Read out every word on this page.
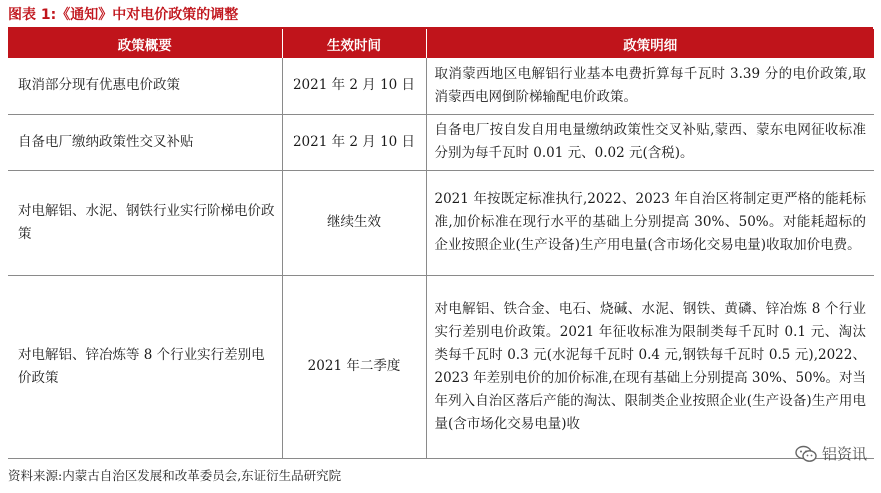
图表 1:《通知》中对电价政策的调整
政策概要	生效时间	政策明细
取消部分现有优惠电价政策	2021 年 2 月 10 日	取消蒙西地区电解铝行业基本电费折算每千瓦时 3.39 分的电价政策,取消蒙西电网倒阶梯输配电价政策。
自备电厂缴纳政策性交叉补贴	2021 年 2 月 10 日	自备电厂按自发自用电量缴纳政策性交叉补贴,蒙西、蒙东电网征收标准分别为每千瓦时 0.01 元、0.02 元(含税)。
对电解铝、水泥、钢铁行业实行阶梯电价政策	继续生效	2021 年按既定标准执行,2022、2023 年自治区将制定更严格的能耗标准,加价标准在现行水平的基础上分别提高 30%、50%。对能耗超标的企业按照企业(生产设备)生产用电量(含市场化交易电量)收取加价电费。
对电解铝、锌冶炼等 8 个行业实行差别电价政策	2021 年二季度	对电解铝、铁合金、电石、烧碱、水泥、钢铁、黄磷、锌冶炼 8 个行业实行差别电价政策。2021 年征收标准为限制类每千瓦时 0.1 元、淘汰类每千瓦时 0.3 元(水泥每千瓦时 0.4 元,钢铁每千瓦时 0.5 元),2022、2023 年差别电价的加价标准,在现有基础上分别提高 30%、50%。对当年列入自治区落后产能的淘汰、限制类企业按照企业(生产设备)生产用电量(含市场化交易电量)收
铝资讯
资料来源:内蒙古自治区发展和改革委员会,东证衍生品研究院
